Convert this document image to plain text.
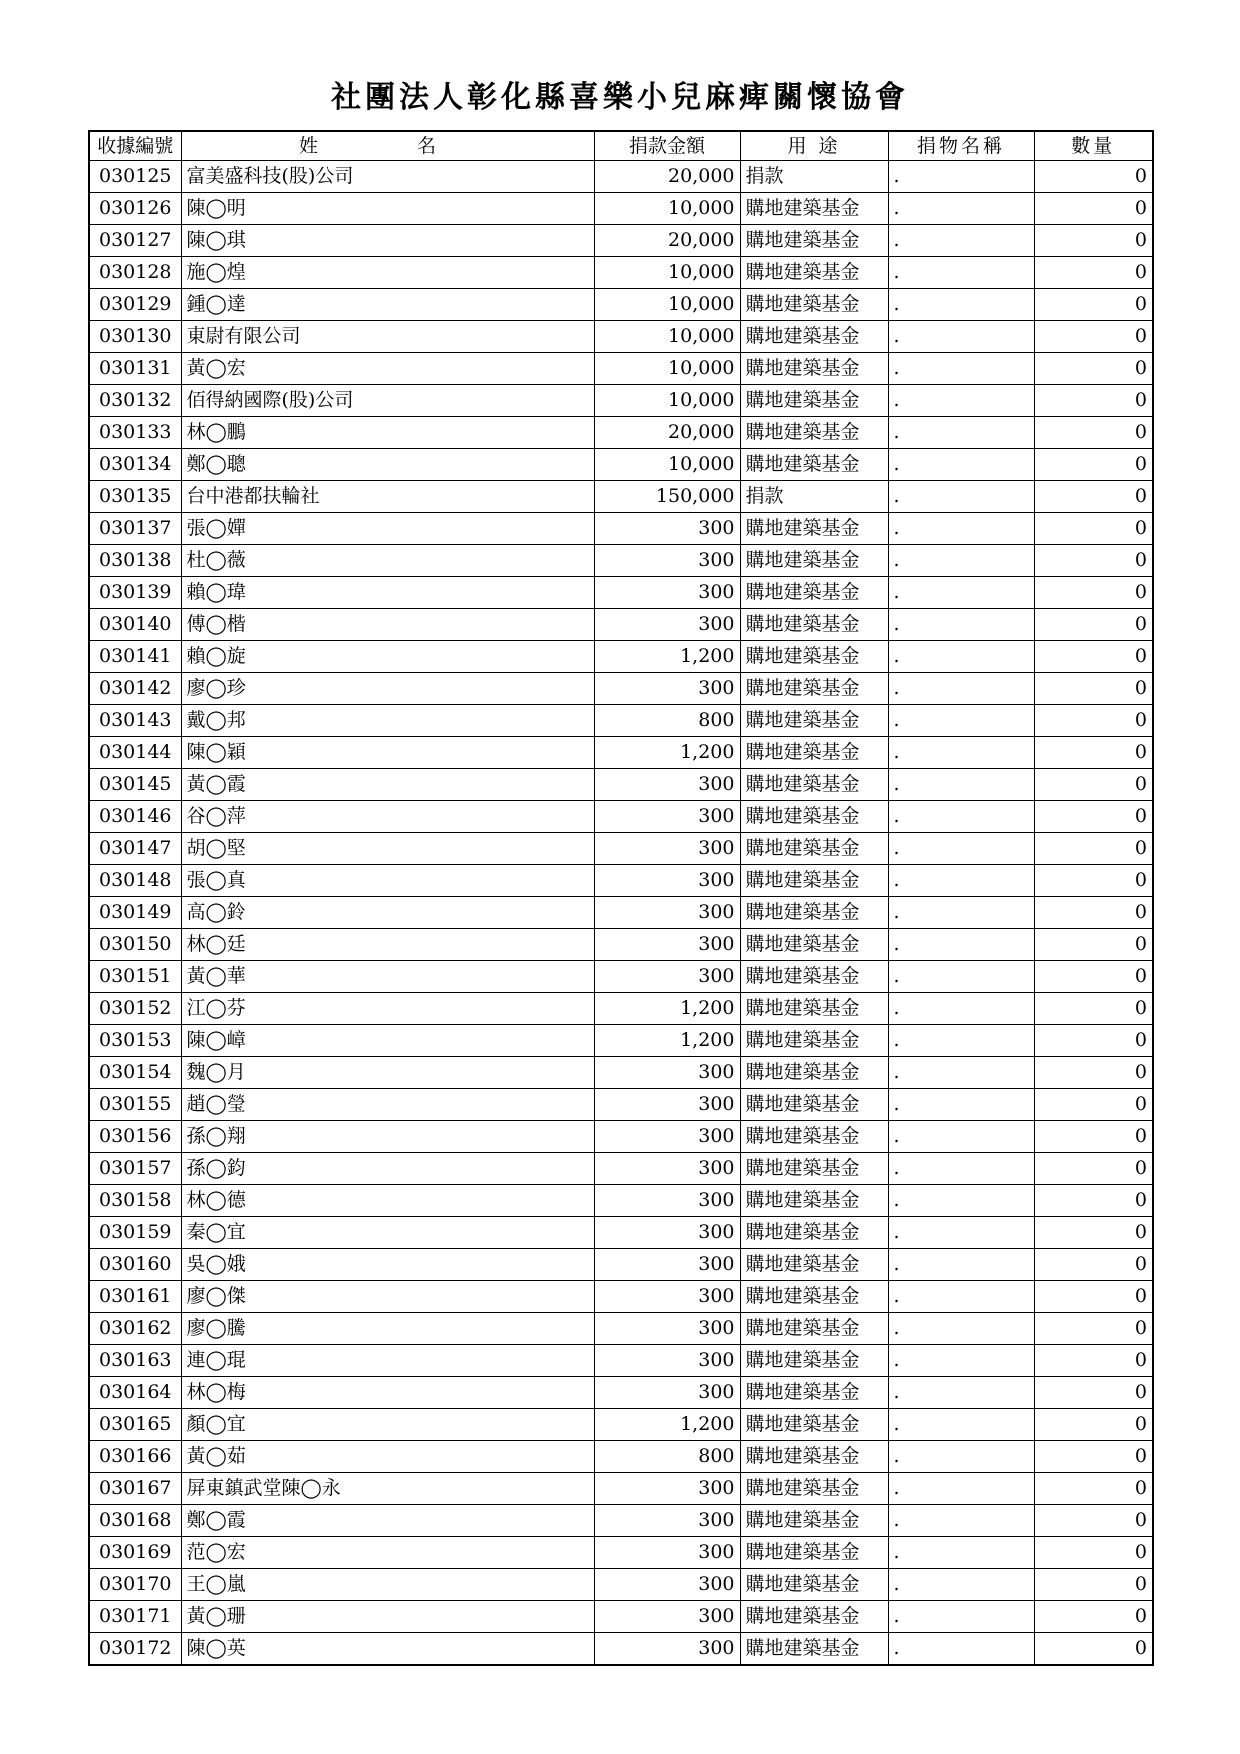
社團法人彰化縣喜樂小兒麻痺關懷協會
收據編號	姓　名	捐款金額	用 途	捐物名稱	數量
030125	富美盛科技(股)公司	20,000	捐款	.	0
030126	陳◯明	10,000	購地建築基金	.	0
030127	陳◯琪	20,000	購地建築基金	.	0
030128	施◯煌	10,000	購地建築基金	.	0
030129	鍾◯達	10,000	購地建築基金	.	0
030130	東尉有限公司	10,000	購地建築基金	.	0
030131	黃◯宏	10,000	購地建築基金	.	0
030132	佰得納國際(股)公司	10,000	購地建築基金	.	0
030133	林◯鵬	20,000	購地建築基金	.	0
030134	鄭◯聰	10,000	購地建築基金	.	0
030135	台中港都扶輪社	150,000	捐款	.	0
030137	張◯嬋	300	購地建築基金	.	0
030138	杜◯薇	300	購地建築基金	.	0
030139	賴◯瑋	300	購地建築基金	.	0
030140	傅◯楷	300	購地建築基金	.	0
030141	賴◯旋	1,200	購地建築基金	.	0
030142	廖◯珍	300	購地建築基金	.	0
030143	戴◯邦	800	購地建築基金	.	0
030144	陳◯穎	1,200	購地建築基金	.	0
030145	黃◯霞	300	購地建築基金	.	0
030146	谷◯萍	300	購地建築基金	.	0
030147	胡◯堅	300	購地建築基金	.	0
030148	張◯真	300	購地建築基金	.	0
030149	高◯鈴	300	購地建築基金	.	0
030150	林◯廷	300	購地建築基金	.	0
030151	黃◯華	300	購地建築基金	.	0
030152	江◯芬	1,200	購地建築基金	.	0
030153	陳◯嶂	1,200	購地建築基金	.	0
030154	魏◯月	300	購地建築基金	.	0
030155	趙◯瑩	300	購地建築基金	.	0
030156	孫◯翔	300	購地建築基金	.	0
030157	孫◯鈞	300	購地建築基金	.	0
030158	林◯德	300	購地建築基金	.	0
030159	秦◯宜	300	購地建築基金	.	0
030160	吳◯娥	300	購地建築基金	.	0
030161	廖◯傑	300	購地建築基金	.	0
030162	廖◯騰	300	購地建築基金	.	0
030163	連◯琨	300	購地建築基金	.	0
030164	林◯梅	300	購地建築基金	.	0
030165	顏◯宜	1,200	購地建築基金	.	0
030166	黃◯茹	800	購地建築基金	.	0
030167	屏東鎮武堂陳◯永	300	購地建築基金	.	0
030168	鄭◯霞	300	購地建築基金	.	0
030169	范◯宏	300	購地建築基金	.	0
030170	王◯嵐	300	購地建築基金	.	0
030171	黃◯珊	300	購地建築基金	.	0
030172	陳◯英	300	購地建築基金	.	0
